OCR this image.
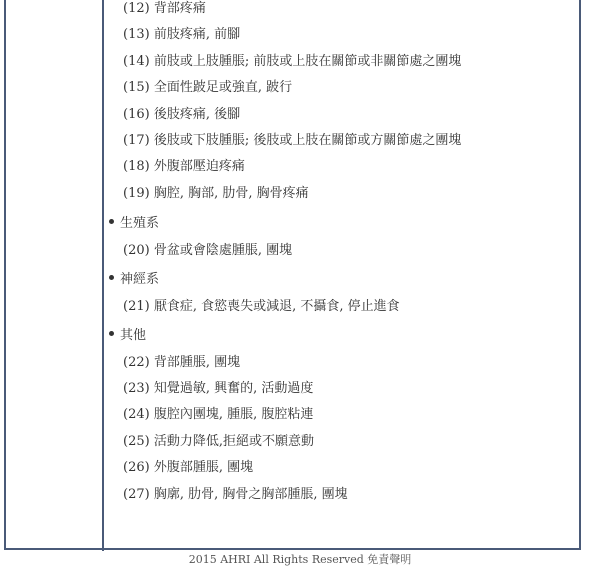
(12) 背部疼痛
(13) 前肢疼痛, 前腳
(14) 前肢或上肢腫脹; 前肢或上肢在關節或非關節處之團塊
(15) 全面性跛足或強直, 跛行
(16) 後肢疼痛, 後腳
(17) 後肢或下肢腫脹; 後肢或上肢在關節或方關節處之團塊
(18) 外腹部壓迫疼痛
(19) 胸腔, 胸部, 肋骨, 胸骨疼痛
生殖系
(20) 骨盆或會陰處腫脹, 團塊
神經系
(21) 厭食症, 食慾喪失或減退, 不攝食, 停止進食
其他
(22) 背部腫脹, 團塊
(23) 知覺過敏, 興奮的, 活動過度
(24) 腹腔內團塊, 腫脹, 腹腔粘連
(25) 活動力降低,拒絕或不願意動
(26) 外腹部腫脹, 團塊
(27) 胸廓, 肋骨, 胸骨之胸部腫脹, 團塊
2015 AHRI All Rights Reserved 免責聲明
